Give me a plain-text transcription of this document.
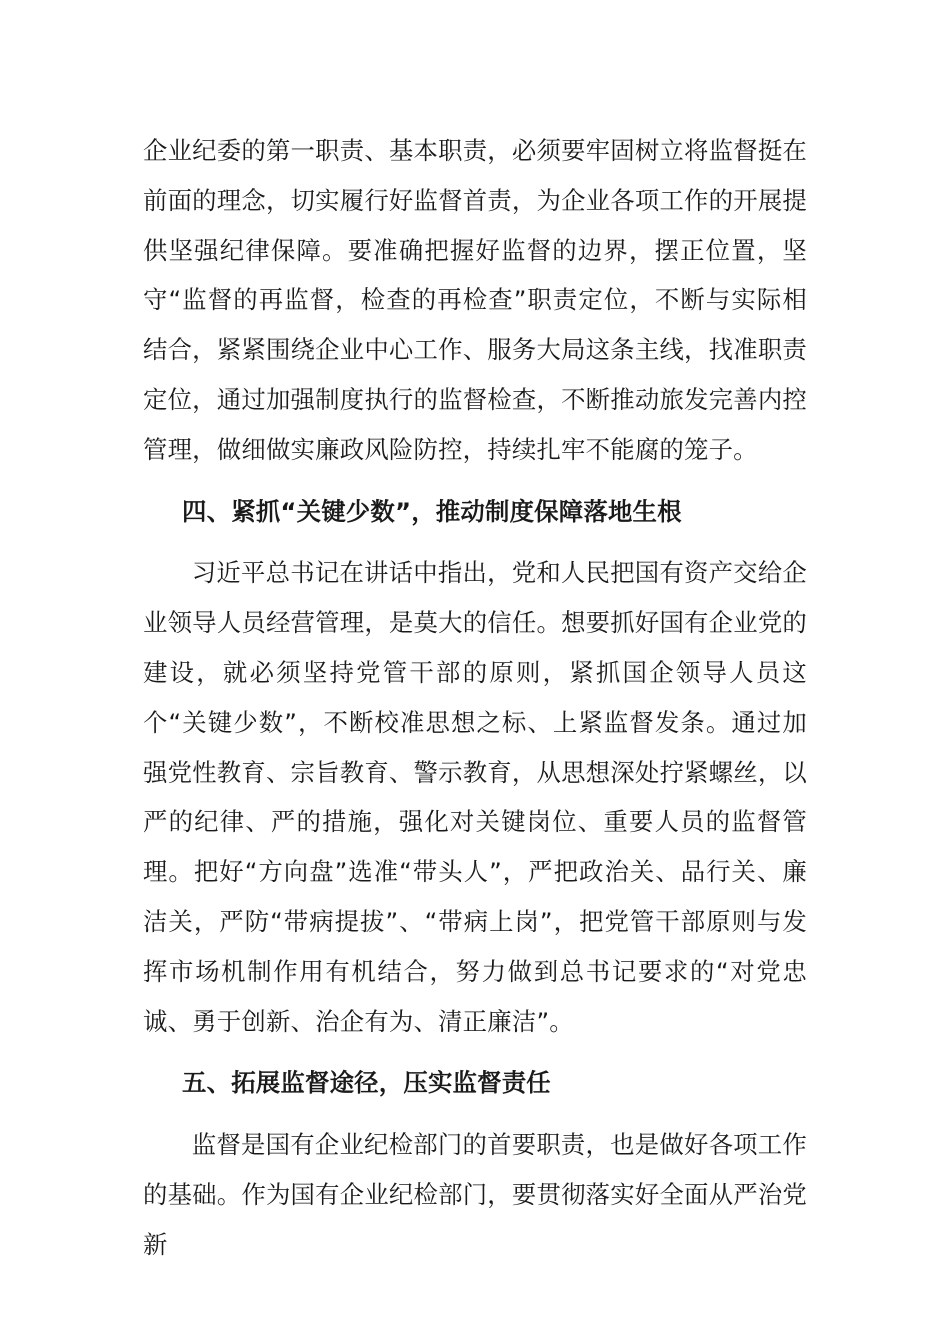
企业纪委的第一职责、基本职责，必须要牢固树立将监督挺在前面的理念，切实履行好监督首责，为企业各项工作的开展提供坚强纪律保障。要准确把握好监督的边界，摆正位置，坚守“监督的再监督，检查的再检查”职责定位，不断与实际相结合，紧紧围绕企业中心工作、服务大局这条主线，找准职责定位，通过加强制度执行的监督检查，不断推动旅发完善内控管理，做细做实廉政风险防控，持续扎牢不能腐的笼子。

四、紧抓“关键少数”，推动制度保障落地生根

习近平总书记在讲话中指出，党和人民把国有资产交给企业领导人员经营管理，是莫大的信任。想要抓好国有企业党的建设，就必须坚持党管干部的原则，紧抓国企领导人员这个“关键少数”，不断校准思想之标、上紧监督发条。通过加强党性教育、宗旨教育、警示教育，从思想深处拧紧螺丝，以严的纪律、严的措施，强化对关键岗位、重要人员的监督管理。把好“方向盘”选准“带头人”，严把政治关、品行关、廉洁关，严防“带病提拔”、“带病上岗”，把党管干部原则与发挥市场机制作用有机结合，努力做到总书记要求的“对党忠诚、勇于创新、治企有为、清正廉洁”。

五、拓展监督途径，压实监督责任

监督是国有企业纪检部门的首要职责，也是做好各项工作的基础。作为国有企业纪检部门，要贯彻落实好全面从严治党新
